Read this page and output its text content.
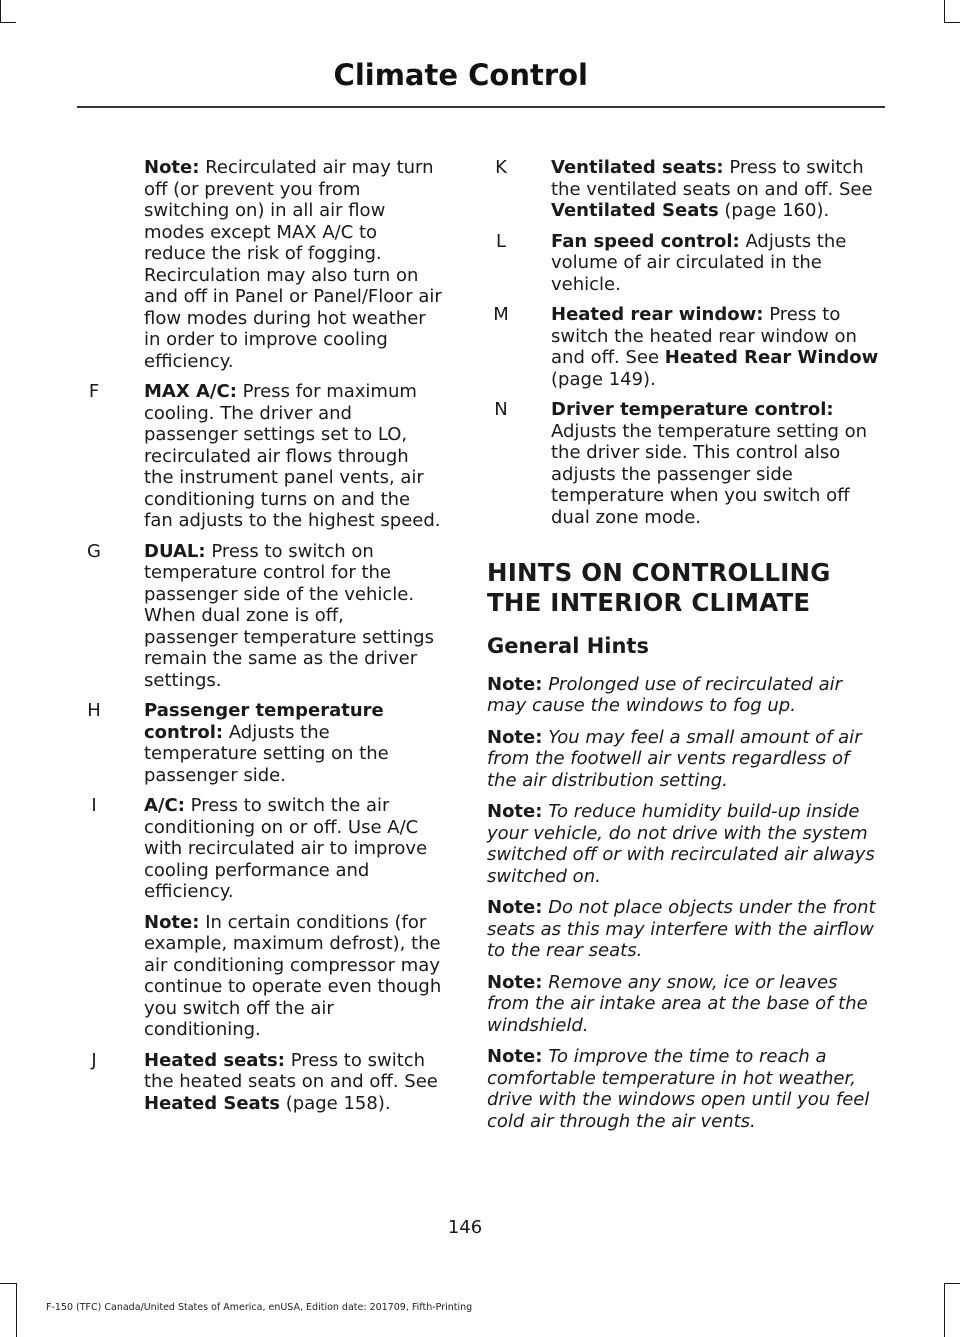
Climate Control

Note: Recirculated air may turn off (or prevent you from switching on) in all air flow modes except MAX A/C to reduce the risk of fogging. Recirculation may also turn on and off in Panel or Panel/Floor air flow modes during hot weather in order to improve cooling efficiency.

F	MAX A/C: Press for maximum cooling. The driver and passenger settings set to LO, recirculated air flows through the instrument panel vents, air conditioning turns on and the fan adjusts to the highest speed.

G	DUAL: Press to switch on temperature control for the passenger side of the vehicle. When dual zone is off, passenger temperature settings remain the same as the driver settings.

H	Passenger temperature control: Adjusts the temperature setting on the passenger side.

I	A/C: Press to switch the air conditioning on or off. Use A/C with recirculated air to improve cooling performance and efficiency.

Note: In certain conditions (for example, maximum defrost), the air conditioning compressor may continue to operate even though you switch off the air conditioning.

J	Heated seats: Press to switch the heated seats on and off. See Heated Seats (page 158).

K	Ventilated seats: Press to switch the ventilated seats on and off. See Ventilated Seats (page 160).

L	Fan speed control: Adjusts the volume of air circulated in the vehicle.

M	Heated rear window: Press to switch the heated rear window on and off. See Heated Rear Window (page 149).

N	Driver temperature control: Adjusts the temperature setting on the driver side. This control also adjusts the passenger side temperature when you switch off dual zone mode.

HINTS ON CONTROLLING THE INTERIOR CLIMATE
General Hints

Note: Prolonged use of recirculated air may cause the windows to fog up.

Note: You may feel a small amount of air from the footwell air vents regardless of the air distribution setting.

Note: To reduce humidity build-up inside your vehicle, do not drive with the system switched off or with recirculated air always switched on.

Note: Do not place objects under the front seats as this may interfere with the airflow to the rear seats.

Note: Remove any snow, ice or leaves from the air intake area at the base of the windshield.

Note: To improve the time to reach a comfortable temperature in hot weather, drive with the windows open until you feel cold air through the air vents.

146
F-150 (TFC) Canada/United States of America, enUSA, Edition date: 201709, Fifth-Printing
